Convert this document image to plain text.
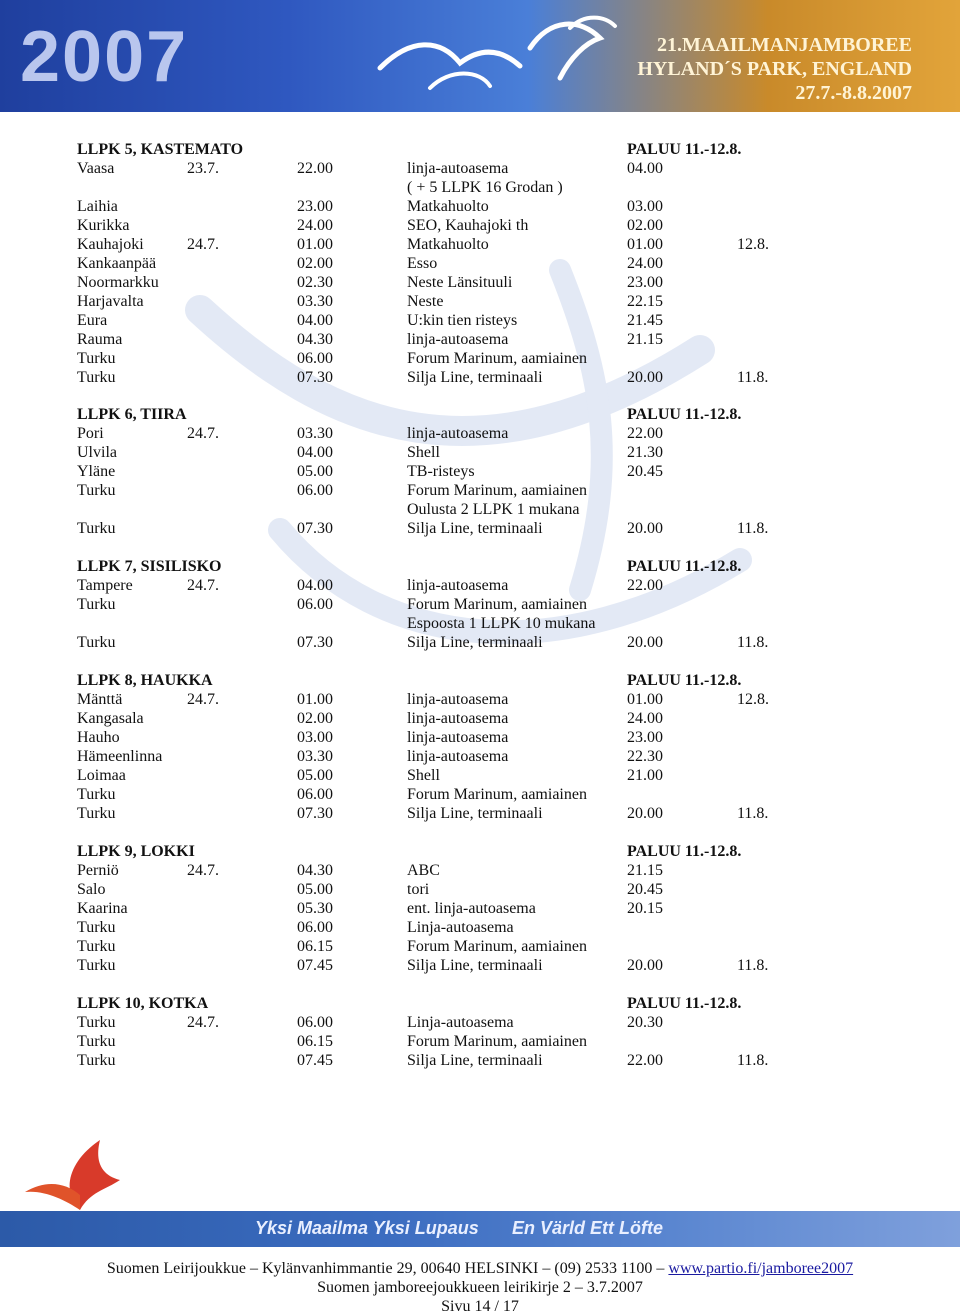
2007	21.MAAILMANJAMBOREE
HYLAND´S PARK, ENGLAND
27.7.-8.8.2007
LLPK 5, KASTEMATO	PALUU 11.-12.8.
Vaasa	23.7.	22.00	linja-autoasema	04.00
( + 5 LLPK 16 Grodan )
Laihia	23.00	Matkahuolto	03.00
Kurikka	24.00	SEO, Kauhajoki th	02.00
Kauhajoki	24.7.	01.00	Matkahuolto	01.00	12.8.
Kankaanpää	02.00	Esso	24.00
Noormarkku	02.30	Neste Länsituuli	23.00
Harjavalta	03.30	Neste	22.15
Eura	04.00	U:kin tien risteys	21.45
Rauma	04.30	linja-autoasema	21.15
Turku	06.00	Forum Marinum, aamiainen
Turku	07.30	Silja Line, terminaali	20.00	11.8.
LLPK 6, TIIRA	PALUU 11.-12.8.
Pori	24.7.	03.30	linja-autoasema	22.00
Ulvila	04.00	Shell	21.30
Yläne	05.00	TB-risteys	20.45
Turku	06.00	Forum Marinum, aamiainen
Oulusta 2 LLPK 1 mukana
Turku	07.30	Silja Line, terminaali	20.00	11.8.
LLPK 7, SISILISKO	PALUU 11.-12.8.
Tampere	24.7.	04.00	linja-autoasema	22.00
Turku	06.00	Forum Marinum, aamiainen
Espoosta 1 LLPK 10 mukana
Turku	07.30	Silja Line, terminaali	20.00	11.8.
LLPK 8, HAUKKA	PALUU 11.-12.8.
Mänttä	24.7.	01.00	linja-autoasema	01.00	12.8.
Kangasala	02.00	linja-autoasema	24.00
Hauho	03.00	linja-autoasema	23.00
Hämeenlinna	03.30	linja-autoasema	22.30
Loimaa	05.00	Shell	21.00
Turku	06.00	Forum Marinum, aamiainen
Turku	07.30	Silja Line, terminaali	20.00	11.8.
LLPK 9, LOKKI	PALUU 11.-12.8.
Perniö	24.7.	04.30	ABC	21.15
Salo	05.00	tori	20.45
Kaarina	05.30	ent. linja-autoasema	20.15
Turku	06.00	Linja-autoasema
Turku	06.15	Forum Marinum, aamiainen
Turku	07.45	Silja Line, terminaali	20.00	11.8.
LLPK 10, KOTKA	PALUU 11.-12.8.
Turku	24.7.	06.00	Linja-autoasema	20.30
Turku	06.15	Forum Marinum, aamiainen
Turku	07.45	Silja Line, terminaali	22.00	11.8.
Yksi Maailma Yksi Lupaus En Värld Ett Löfte
Suomen Leirijoukkue – Kylänvanhimmantie 29, 00640 HELSINKI – (09) 2533 1100 – www.partio.fi/jamboree2007
Suomen jamboreejoukkueen leirikirje 2 – 3.7.2007
Sivu 14 / 17
